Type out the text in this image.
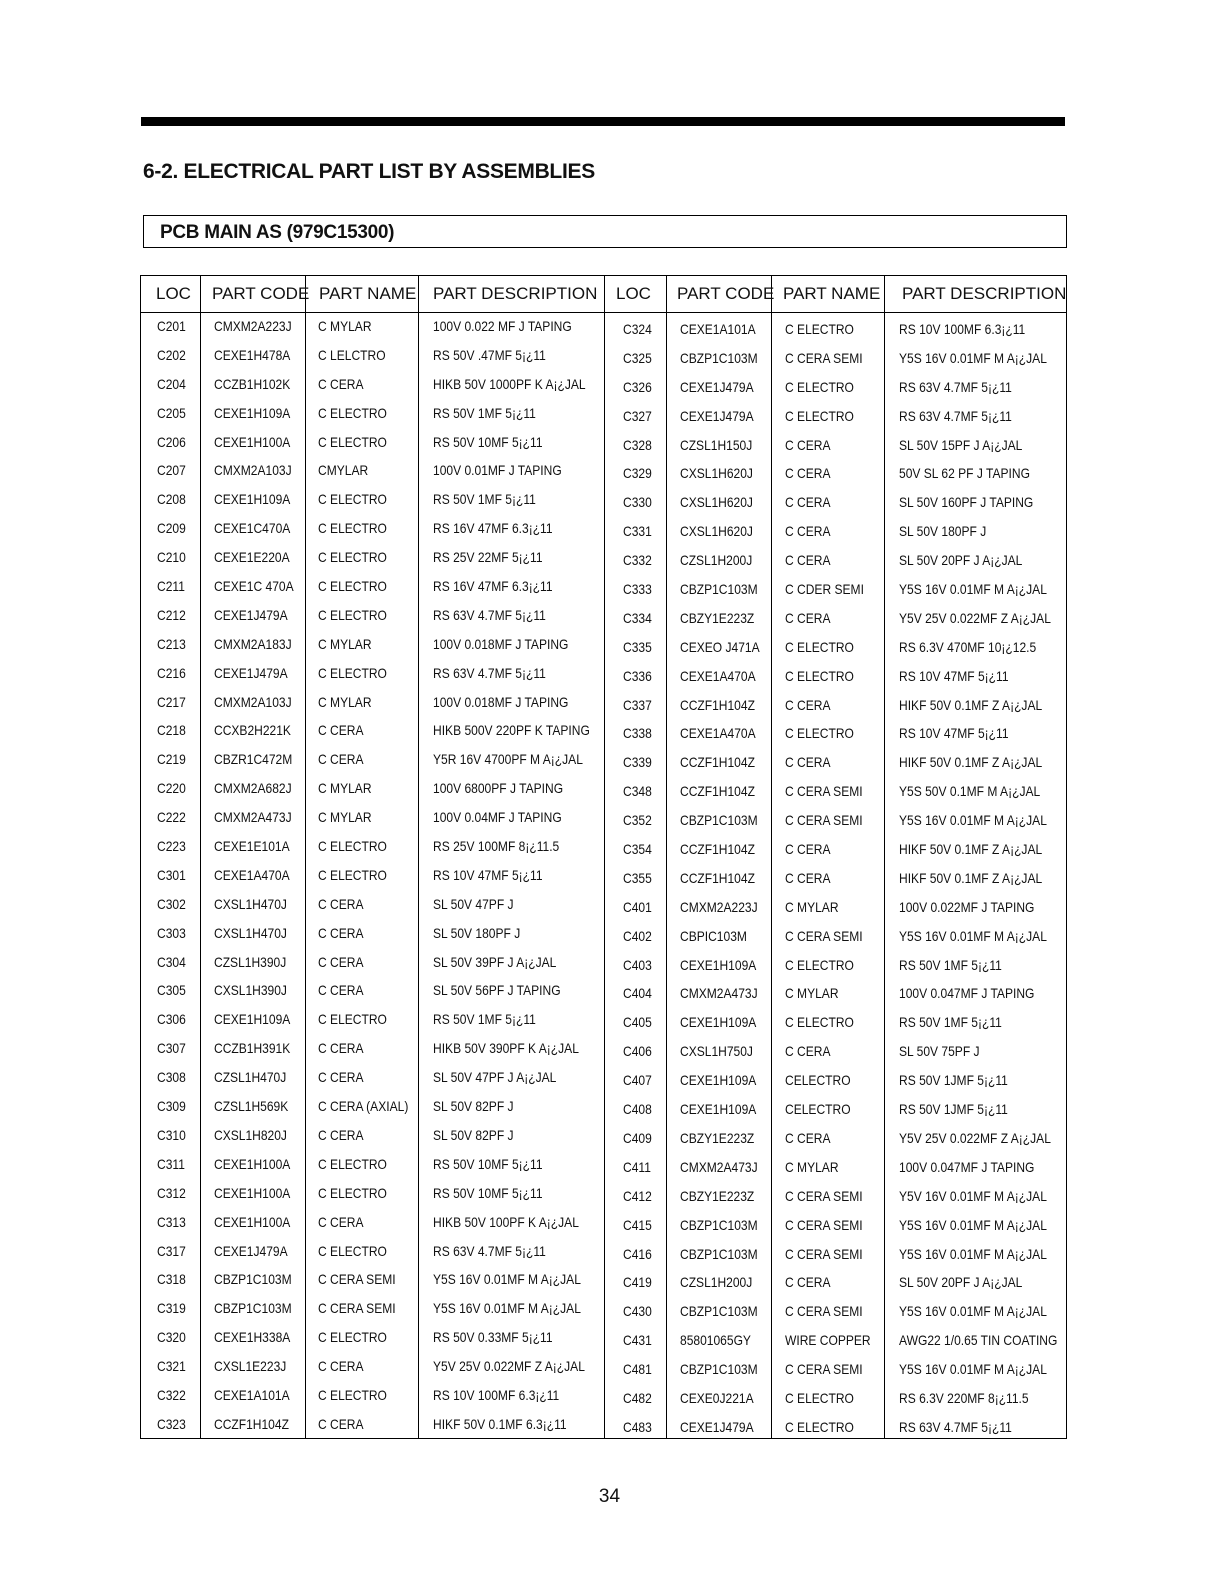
6-2. ELECTRICAL PART LIST BY ASSEMBLIES
PCB MAIN AS (979C15300)
LOC PART CODE PART NAME PART DESCRIPTION
C201	CMXM2A223J	C MYLAR	100V 0.022 MF J TAPING
C202	CEXE1H478A	C LELCTRO	RS 50V .47MF 5¡¿11
C204	CCZB1H102K	C CERA	HIKB 50V 1000PF K A¡¿JAL
C205	CEXE1H109A	C ELECTRO	RS 50V 1MF 5¡¿11
C206	CEXE1H100A	C ELECTRO	RS 50V 10MF 5¡¿11
C207	CMXM2A103J	CMYLAR	100V 0.01MF J TAPING
C208	CEXE1H109A	C ELECTRO	RS 50V 1MF 5¡¿11
C209	CEXE1C470A	C ELECTRO	RS 16V 47MF 6.3¡¿11
C210	CEXE1E220A	C ELECTRO	RS 25V 22MF 5¡¿11
C211	CEXE1C 470A	C ELECTRO	RS 16V 47MF 6.3¡¿11
C212	CEXE1J479A	C ELECTRO	RS 63V 4.7MF 5¡¿11
C213	CMXM2A183J	C MYLAR	100V 0.018MF J TAPING
C216	CEXE1J479A	C ELECTRO	RS 63V 4.7MF 5¡¿11
C217	CMXM2A103J	C MYLAR	100V 0.018MF J TAPING
C218	CCXB2H221K	C CERA	HIKB 500V 220PF K TAPING
C219	CBZR1C472M	C CERA	Y5R 16V 4700PF M A¡¿JAL
C220	CMXM2A682J	C MYLAR	100V 6800PF J TAPING
C222	CMXM2A473J	C MYLAR	100V 0.04MF J TAPING
C223	CEXE1E101A	C ELECTRO	RS 25V 100MF 8¡¿11.5
C301	CEXE1A470A	C ELECTRO	RS 10V 47MF 5¡¿11
C302	CXSL1H470J	C CERA	SL 50V 47PF J
C303	CXSL1H470J	C CERA	SL 50V 180PF J
C304	CZSL1H390J	C CERA	SL 50V 39PF J A¡¿JAL
C305	CXSL1H390J	C CERA	SL 50V 56PF J TAPING
C306	CEXE1H109A	C ELECTRO	RS 50V 1MF 5¡¿11
C307	CCZB1H391K	C CERA	HIKB 50V 390PF K A¡¿JAL
C308	CZSL1H470J	C CERA	SL 50V 47PF J A¡¿JAL
C309	CZSL1H569K	C CERA (AXIAL)	SL 50V 82PF J
C310	CXSL1H820J	C CERA	SL 50V 82PF J
C311	CEXE1H100A	C ELECTRO	RS 50V 10MF 5¡¿11
C312	CEXE1H100A	C ELECTRO	RS 50V 10MF 5¡¿11
C313	CEXE1H100A	C CERA	HIKB 50V 100PF K A¡¿JAL
C317	CEXE1J479A	C ELECTRO	RS 63V 4.7MF 5¡¿11
C318	CBZP1C103M	C CERA SEMI	Y5S 16V 0.01MF M A¡¿JAL
C319	CBZP1C103M	C CERA SEMI	Y5S 16V 0.01MF M A¡¿JAL
C320	CEXE1H338A	C ELECTRO	RS 50V 0.33MF 5¡¿11
C321	CXSL1E223J	C CERA	Y5V 25V 0.022MF Z A¡¿JAL
C322	CEXE1A101A	C ELECTRO	RS 10V 100MF 6.3¡¿11
C323	CCZF1H104Z	C CERA	HIKF 50V 0.1MF 6.3¡¿11
LOC PART CODE PART NAME PART DESCRIPTION
C324	CEXE1A101A	C ELECTRO	RS 10V 100MF 6.3¡¿11
C325	CBZP1C103M	C CERA SEMI	Y5S 16V 0.01MF M A¡¿JAL
C326	CEXE1J479A	C ELECTRO	RS 63V 4.7MF 5¡¿11
C327	CEXE1J479A	C ELECTRO	RS 63V 4.7MF 5¡¿11
C328	CZSL1H150J	C CERA	SL 50V 15PF J A¡¿JAL
C329	CXSL1H620J	C CERA	50V SL 62 PF J TAPING
C330	CXSL1H620J	C CERA	SL 50V 160PF J TAPING
C331	CXSL1H620J	C CERA	SL 50V 180PF J
C332	CZSL1H200J	C CERA	SL 50V 20PF J A¡¿JAL
C333	CBZP1C103M	C CDER SEMI	Y5S 16V 0.01MF M A¡¿JAL
C334	CBZY1E223Z	C CERA	Y5V 25V 0.022MF Z A¡¿JAL
C335	CEXEO J471A	C ELECTRO	RS 6.3V 470MF 10¡¿12.5
C336	CEXE1A470A	C ELECTRO	RS 10V 47MF 5¡¿11
C337	CCZF1H104Z	C CERA	HIKF 50V 0.1MF Z A¡¿JAL
C338	CEXE1A470A	C ELECTRO	RS 10V 47MF 5¡¿11
C339	CCZF1H104Z	C CERA	HIKF 50V 0.1MF Z A¡¿JAL
C348	CCZF1H104Z	C CERA SEMI	Y5S 50V 0.1MF M A¡¿JAL
C352	CBZP1C103M	C CERA SEMI	Y5S 16V 0.01MF M A¡¿JAL
C354	CCZF1H104Z	C CERA	HIKF 50V 0.1MF Z A¡¿JAL
C355	CCZF1H104Z	C CERA	HIKF 50V 0.1MF Z A¡¿JAL
C401	CMXM2A223J	C MYLAR	100V 0.022MF J TAPING
C402	CBPIC103M	C CERA SEMI	Y5S 16V 0.01MF M A¡¿JAL
C403	CEXE1H109A	C ELECTRO	RS 50V 1MF 5¡¿11
C404	CMXM2A473J	C MYLAR	100V 0.047MF J TAPING
C405	CEXE1H109A	C ELECTRO	RS 50V 1MF 5¡¿11
C406	CXSL1H750J	C CERA	SL 50V 75PF J
C407	CEXE1H109A	CELECTRO	RS 50V 1JMF 5¡¿11
C408	CEXE1H109A	CELECTRO	RS 50V 1JMF 5¡¿11
C409	CBZY1E223Z	C CERA	Y5V 25V 0.022MF Z A¡¿JAL
C411	CMXM2A473J	C MYLAR	100V 0.047MF J TAPING
C412	CBZY1E223Z	C CERA SEMI	Y5V 16V 0.01MF M A¡¿JAL
C415	CBZP1C103M	C CERA SEMI	Y5S 16V 0.01MF M A¡¿JAL
C416	CBZP1C103M	C CERA SEMI	Y5S 16V 0.01MF M A¡¿JAL
C419	CZSL1H200J	C CERA	SL 50V 20PF J A¡¿JAL
C430	CBZP1C103M	C CERA SEMI	Y5S 16V 0.01MF M A¡¿JAL
C431	85801065GY	WIRE COPPER	AWG22 1/0.65 TIN COATING
C481	CBZP1C103M	C CERA SEMI	Y5S 16V 0.01MF M A¡¿JAL
C482	CEXE0J221A	C ELECTRO	RS 6.3V 220MF 8¡¿11.5
C483	CEXE1J479A	C ELECTRO	RS 63V 4.7MF 5¡¿11
34
